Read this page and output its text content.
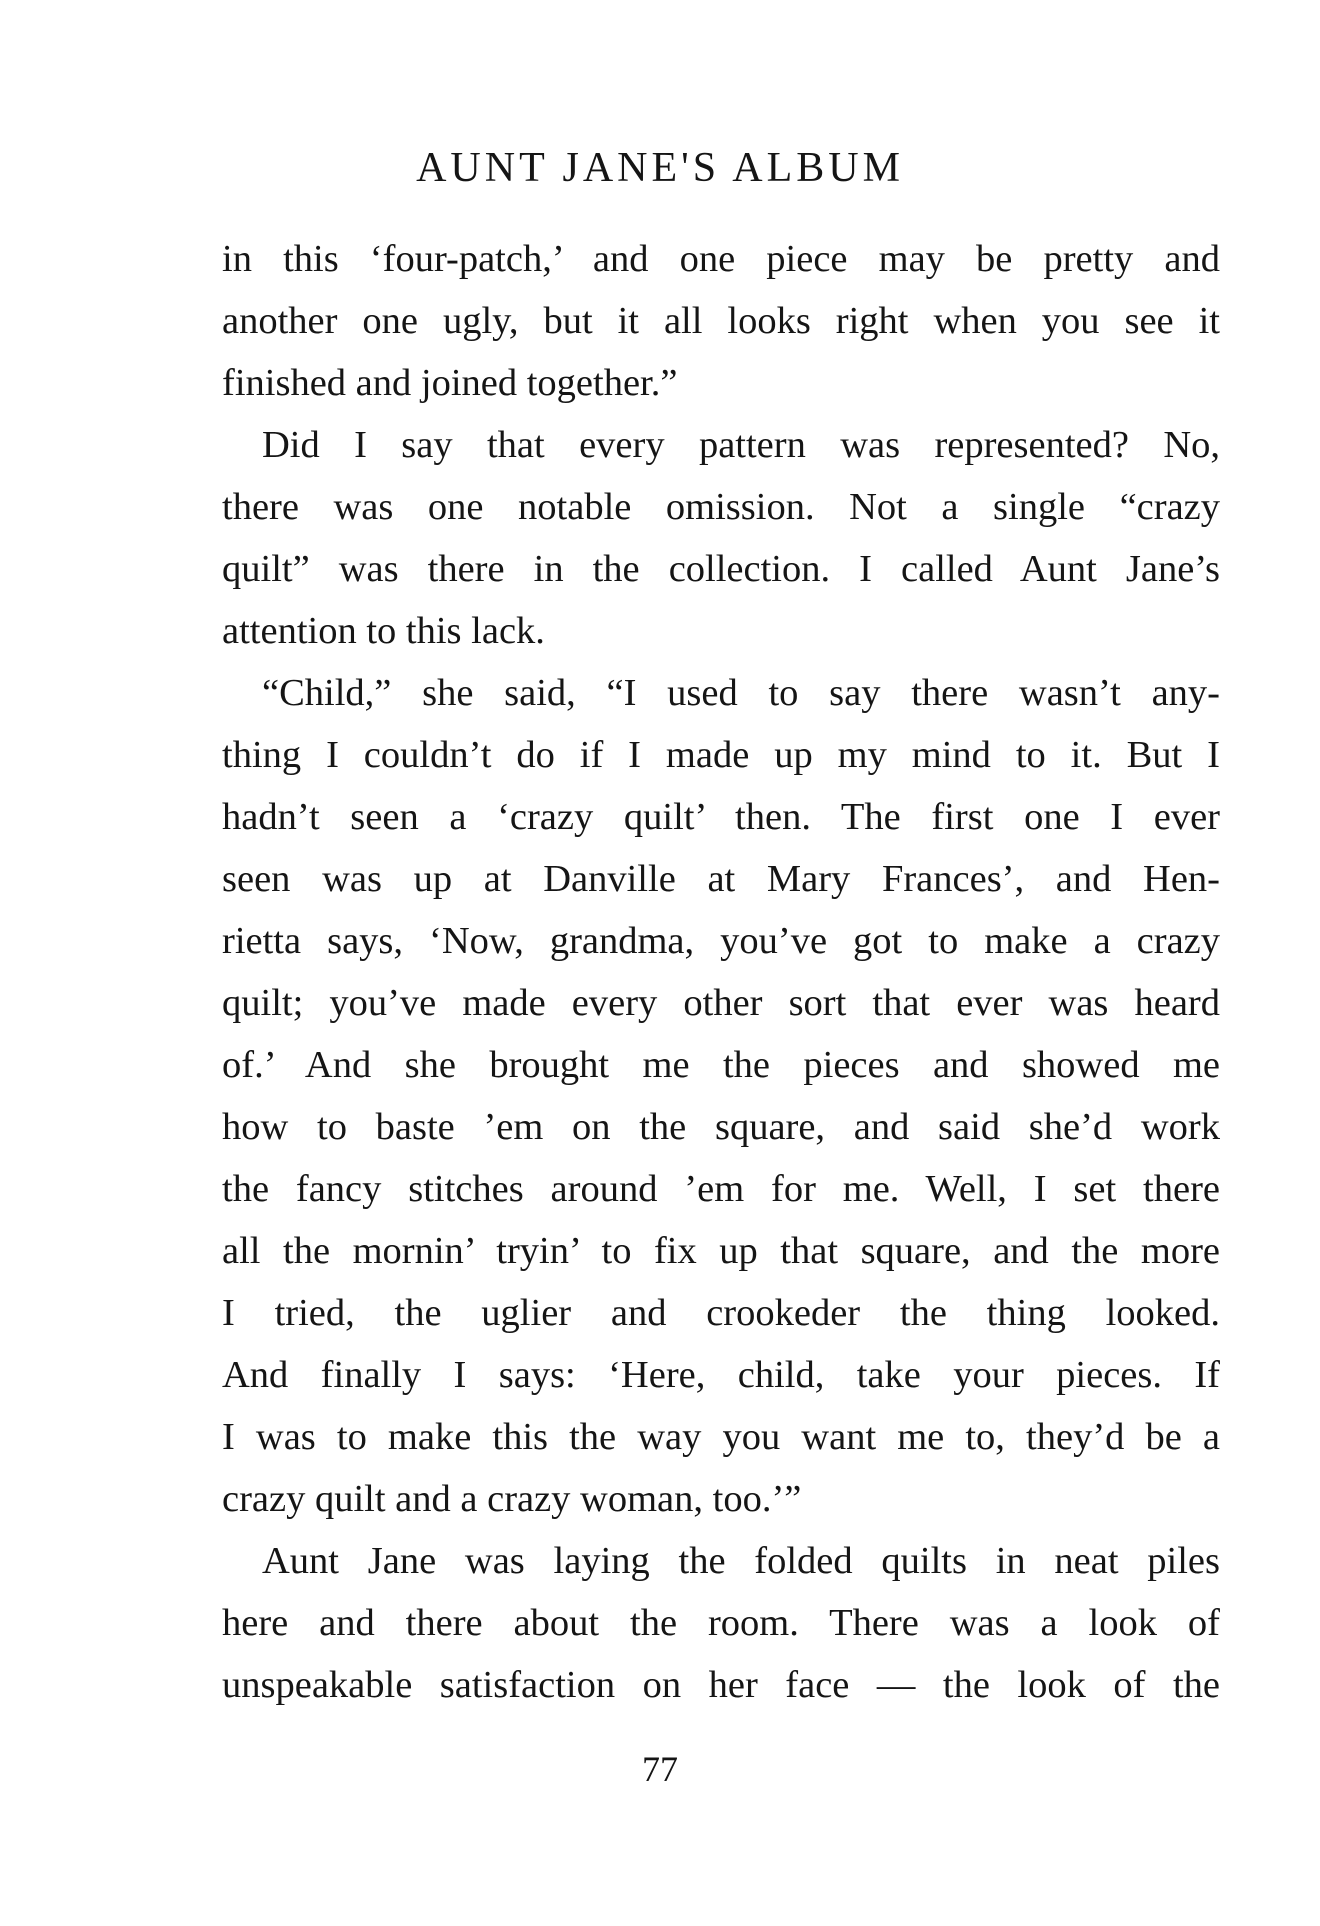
AUNT JANE'S ALBUM
in this ‘four-patch,’ and one piece may be pretty and
another one ugly, but it all looks right when you see it
finished and joined together.”
Did I say that every pattern was represented? No,
there was one notable omission. Not a single “crazy
quilt” was there in the collection. I called Aunt Jane’s
attention to this lack.
“Child,” she said, “I used to say there wasn’t any-
thing I couldn’t do if I made up my mind to it. But I
hadn’t seen a ‘crazy quilt’ then. The first one I ever
seen was up at Danville at Mary Frances’, and Hen-
rietta says, ‘Now, grandma, you’ve got to make a crazy
quilt; you’ve made every other sort that ever was heard
of.’ And she brought me the pieces and showed me
how to baste ’em on the square, and said she’d work
the fancy stitches around ’em for me. Well, I set there
all the mornin’ tryin’ to fix up that square, and the more
I tried, the uglier and crookeder the thing looked.
And finally I says: ‘Here, child, take your pieces. If
I was to make this the way you want me to, they’d be a
crazy quilt and a crazy woman, too.’”
Aunt Jane was laying the folded quilts in neat piles
here and there about the room. There was a look of
unspeakable satisfaction on her face — the look of the
77
